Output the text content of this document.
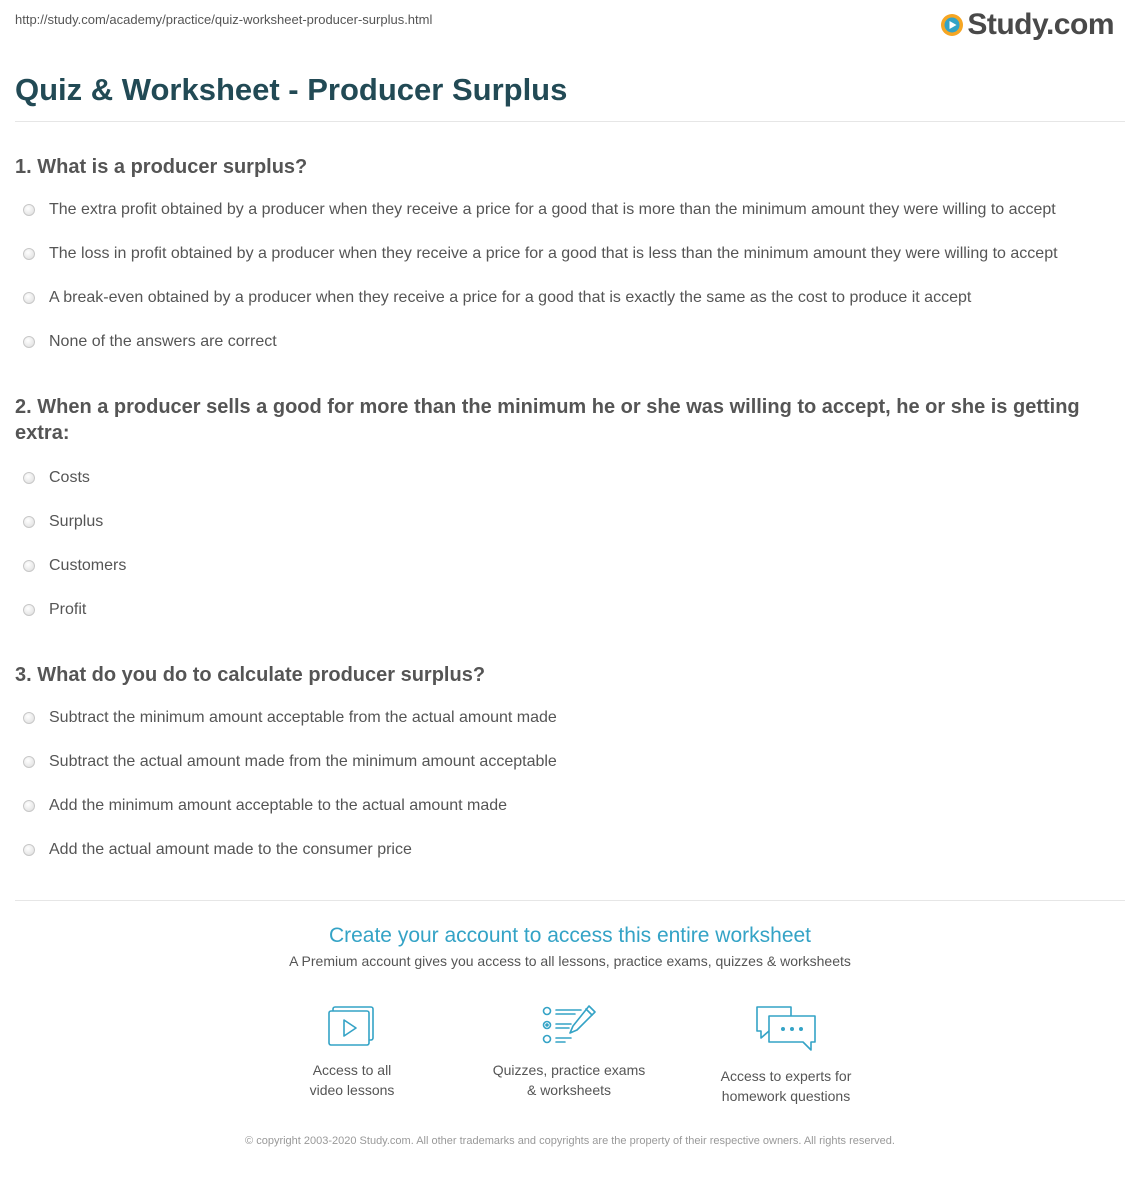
http://study.com/academy/practice/quiz-worksheet-producer-surplus.html	Study.com
Quiz & Worksheet - Producer Surplus
1. What is a producer surplus?
The extra profit obtained by a producer when they receive a price for a good that is more than the minimum amount they were willing to accept
The loss in profit obtained by a producer when they receive a price for a good that is less than the minimum amount they were willing to accept
A break-even obtained by a producer when they receive a price for a good that is exactly the same as the cost to produce it accept
None of the answers are correct
2. When a producer sells a good for more than the minimum he or she was willing to accept, he or she is getting extra:
Costs
Surplus
Customers
Profit
3. What do you do to calculate producer surplus?
Subtract the minimum amount acceptable from the actual amount made
Subtract the actual amount made from the minimum amount acceptable
Add the minimum amount acceptable to the actual amount made
Add the actual amount made to the consumer price
Create your account to access this entire worksheet
A Premium account gives you access to all lessons, practice exams, quizzes & worksheets
Access to all
video lessons
Quizzes, practice exams
& worksheets
Access to experts for
homework questions
© copyright 2003-2020 Study.com. All other trademarks and copyrights are the property of their respective owners. All rights reserved.
